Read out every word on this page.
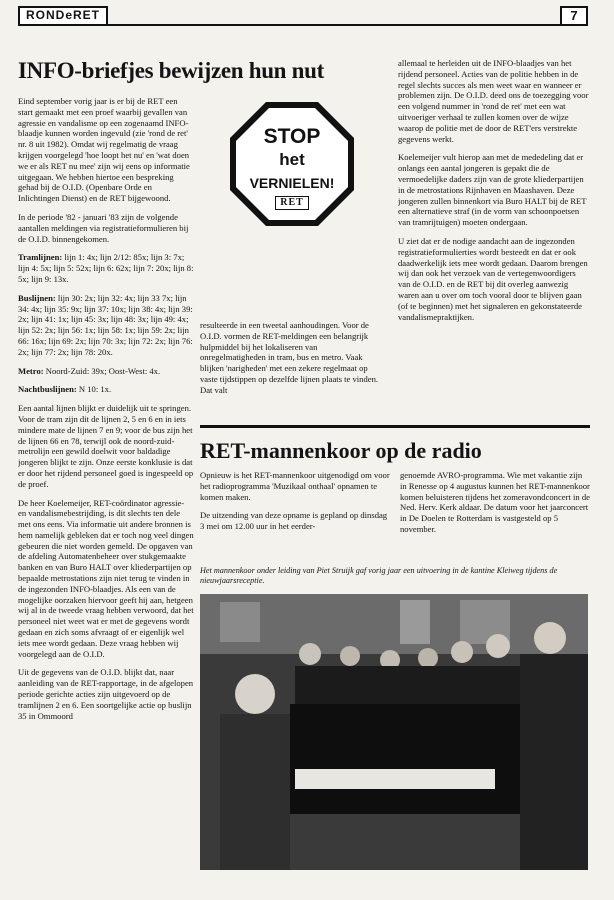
RONDeRET	7
INFO-briefjes bewijzen hun nut

Eind september vorig jaar is er bij de RET een start gemaakt met een proef waarbij gevallen van agressie en vandalisme op een zogenaamd INFO-blaadje kunnen worden ingevuld (zie 'rond de ret' nr. 8 uit 1982). Omdat wij regelmatig de vraag krijgen voorgelegd 'hoe loopt het nu' en 'wat doen we er als RET nu mee' zijn wij eens op informatie uitgegaan. We hebben hiertoe een bespreking gehad bij de O.I.D. (Openbare Orde en Inlichtingen Dienst) en de RET bijgewoond.

In de periode '82 - januari '83 zijn de volgende aantallen meldingen via registratieformulieren bij de O.I.D. binnengekomen.

Tramlijnen: lijn 1: 4x; lijn 2/12: 85x; lijn 3: 7x; lijn 4: 5x; lijn 5: 52x; lijn 6: 62x; lijn 7: 20x; lijn 8: 5x; lijn 9: 13x.

Buslijnen: lijn 30: 2x; lijn 32: 4x; lijn 33 7x; lijn 34: 4x; lijn 35: 9x; lijn 37: 10x; lijn 38: 4x; lijn 39: 2x; lijn 41: 1x; lijn 45: 3x; lijn 48: 3x; lijn 49: 4x; lijn 52: 2x; lijn 56: 1x; lijn 58: 1x; lijn 59: 2x; lijn 66: 16x; lijn 69: 2x; lijn 70: 3x; lijn 72: 2x; lijn 76: 2x; lijn 77: 2x; lijn 78: 20x.

Metro: Noord-Zuid: 39x; Oost-West: 4x.

Nachtbuslijnen: N 10: 1x.

Een aantal lijnen blijkt er duidelijk uit te springen. Voor de tram zijn dit de lijnen 2, 5 en 6 en in iets mindere mate de lijnen 7 en 9; voor de bus zijn het de lijnen 66 en 78, terwijl ook de noord-zuid-metrolijn een gewild doelwit voor baldadige jongeren blijkt te zijn. Onze eerste konklusie is dat er door het rijdend personeel goed is ingespeeld op de proef.

De heer Koelemeijer, RET-coördinator agressie- en vandalismebestrijding, is dit slechts ten dele met ons eens. Via informatie uit andere bronnen is hem namelijk gebleken dat er toch nog veel dingen gebeuren die niet worden gemeld. De opgaven van de afdeling Automatenbeheer over stukgemaakte banken en van Buro HALT over kliederpartijen op bepaalde metrostations zijn niet terug te vinden in de ingezonden INFO-blaadjes. Als een van de mogelijke oorzaken hiervoor geeft hij aan, hetgeen wij al in de tweede vraag hebben verwoord, dat het personeel niet weet wat er met de gegevens wordt gedaan en zich soms afvraagt of er eigenlijk wel iets mee wordt gedaan. Deze vraag hebben wij voorgelegd aan de O.I.D.

Uit de gegevens van de O.I.D. blijkt dat, naar aanleiding van de RET-rapportage, in de afgelopen periode gerichte acties zijn uitgevoerd op de tramlijnen 2 en 6. Een soortgelijke actie op buslijn 35 in Ommoord

STOP
het
VERNIELEN!
RET

resulteerde in een tweetal aanhoudingen. Voor de O.I.D. vormen de RET-meldingen een belangrijk hulpmiddel bij het lokaliseren van onregelmatigheden in tram, bus en metro. Vaak blijken 'narigheden' met een zekere regelmaat op vaste tijdstippen op dezelfde lijnen plaats te vinden. Dat valt

allemaal te herleiden uit de INFO-blaadjes van het rijdend personeel. Acties van de politie hebben in de regel slechts succes als men weet waar en wanneer er problemen zijn. De O.I.D. deed ons de toezegging voor een volgend nummer in 'rond de ret' met een wat uitvoeriger verhaal te zullen komen over de wijze waarop de politie met de door de RET'ers verstrekte gegevens werkt.

Koelemeijer vult hierop aan met de mededeling dat er onlangs een aantal jongeren is gepakt die de vermoedelijke daders zijn van de grote kliederpartijen in de metrostations Rijnhaven en Maashaven. Deze jongeren zullen binnenkort via Buro HALT bij de RET een alternatieve straf (in de vorm van schoonpoetsen van tramrijtuigen) moeten ondergaan.

U ziet dat er de nodige aandacht aan de ingezonden registratieformulierties wordt besteedt en dat er ook daadwerkelijk iets mee wordt gedaan. Daarom brengen wij dan ook het verzoek van de vertegenwoordigers van de O.I.D. en de RET bij dit overleg aanwezig waren aan u over om toch vooral door te blijven gaan (of te beginnen) met het signaleren en gekonstateerde vandalismepraktijken.

RET-mannenkoor op de radio

Opnieuw is het RET-mannenkoor uitgenodigd om voor het radioprogramma 'Muzikaal onthaal' opnamen te komen maken.

De uitzending van deze opname is gepland op dinsdag 3 mei om 12.00 uur in het eerder-

genoemde AVRO-programma. Wie met vakantie zijn in Renesse op 4 augustus kunnen het RET-mannenkoor komen beluisteren tijdens het zomeravondconcert in de Ned. Herv. Kerk aldaar. De datum voor het jaarconcert in De Doelen te Rotterdam is vastgesteld op 5 november.

Het mannenkoor onder leiding van Piet Struijk gaf vorig jaar een uitvoering in de kantine Kleiweg tijdens de nieuwjaarsreceptie.
